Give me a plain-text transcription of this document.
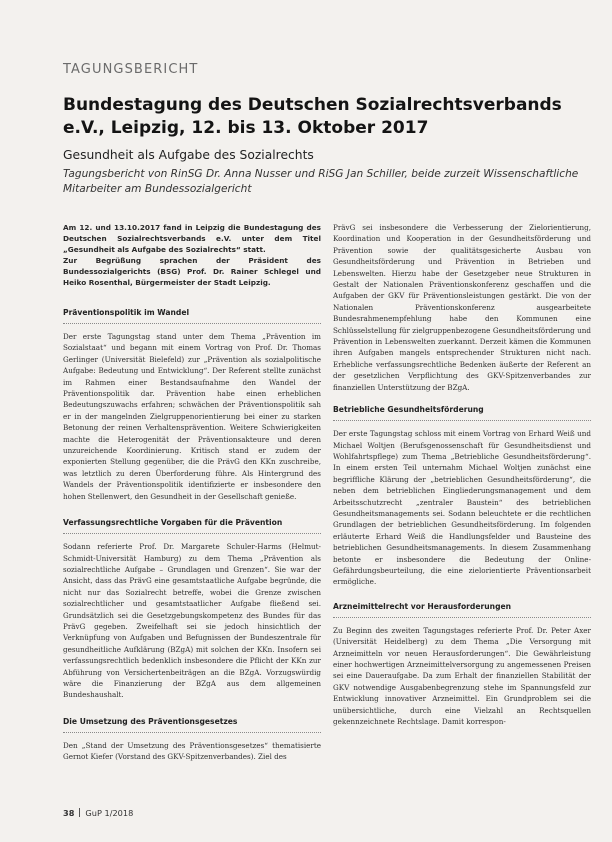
TAGUNGSBERICHT
Bundestagung des Deutschen Sozialrechtsverbands e.V., Leipzig, 12. bis 13. Oktober 2017
Gesundheit als Aufgabe des Sozialrechts
Tagungsbericht von RinSG Dr. Anna Nusser und RiSG Jan Schiller, beide zurzeit Wissenschaftliche Mitarbeiter am Bundessozialgericht

Am 12. und 13.10.2017 fand in Leipzig die Bundestagung des Deutschen Sozialrechtsverbands e.V. unter dem Titel „Gesundheit als Aufgabe des Sozialrechts“ statt.

Zur Begrüßung sprachen der Präsident des Bundessozialgerichts (BSG) Prof. Dr. Rainer Schlegel und Heiko Rosenthal, Bürgermeister der Stadt Leipzig.

Präventionspolitik im Wandel

Der erste Tagungstag stand unter dem Thema „Prävention im Sozialstaat“ und begann mit einem Vortrag von Prof. Dr. Thomas Gerlinger (Universität Bielefeld) zur „Prävention als sozialpolitische Aufgabe: Bedeutung und Entwicklung“. Der Referent stellte zunächst im Rahmen einer Bestandsaufnahme den Wandel der Präventionspolitik dar. Prävention habe einen erheblichen Bedeutungszuwachs erfahren; schwächen der Präventionspolitik sah er in der mangelnden Zielgruppenorientierung bei einer zu starken Betonung der reinen Verhaltensprävention. Weitere Schwierigkeiten machte die Heterogenität der Präventionsakteure und deren unzureichende Koordinierung. Kritisch stand er zudem der exponierten Stellung gegenüber, die die PrävG den KKn zuschreibe, was letztlich zu deren Überforderung führe. Als Hintergrund des Wandels der Präventionspolitik identifizierte er insbesondere den hohen Stellenwert, den Gesundheit in der Gesellschaft genieße.

Verfassungsrechtliche Vorgaben für die Prävention

Sodann referierte Prof. Dr. Margarete Schuler-Harms (Helmut-Schmidt-Universität Hamburg) zu dem Thema „Prävention als sozialrechtliche Aufgabe – Grundlagen und Grenzen“. Sie war der Ansicht, dass das PrävG eine gesamtstaatliche Aufgabe begründe, die nicht nur das Sozialrecht betreffe, wobei die Grenze zwischen sozialrechtlicher und gesamtstaatlicher Aufgabe fließend sei. Grundsätzlich sei die Gesetzgebungskompetenz des Bundes für das PrävG gegeben. Zweifelhaft sei sie jedoch hinsichtlich der Verknüpfung von Aufgaben und Befugnissen der Bundeszentrale für gesundheitliche Aufklärung (BZgA) mit solchen der KKn. Insofern sei verfassungsrechtlich bedenklich insbesondere die Pflicht der KKn zur Abführung von Versichertenbeiträgen an die BZgA. Vorzugswürdig wäre die Finanzierung der BZgA aus dem allgemeinen Bundeshaushalt.

Die Umsetzung des Präventionsgesetzes

Den „Stand der Umsetzung des Präventionsgesetzes“ thematisierte Gernot Kiefer (Vorstand des GKV-Spitzenverbandes). Ziel des

PrävG sei insbesondere die Verbesserung der Zielorientierung, Koordination und Kooperation in der Gesundheitsförderung und Prävention sowie der qualitätsgesicherte Ausbau von Gesundheitsförderung und Prävention in Betrieben und Lebenswelten. Hierzu habe der Gesetzgeber neue Strukturen in Gestalt der Nationalen Präventionskonferenz geschaffen und die Aufgaben der GKV für Präventionsleistungen gestärkt. Die von der Nationalen Präventionskonferenz ausgearbeitete Bundesrahmenempfehlung habe den Kommunen eine Schlüsselstellung für zielgruppenbezogene Gesundheitsförderung und Prävention in Lebenswelten zuerkannt. Derzeit kämen die Kommunen ihren Aufgaben mangels entsprechender Strukturen nicht nach. Erhebliche verfassungsrechtliche Bedenken äußerte der Referent an der gesetzlichen Verpflichtung des GKV-Spitzenverbandes zur finanziellen Unterstützung der BZgA.

Betriebliche Gesundheitsförderung

Der erste Tagungstag schloss mit einem Vortrag von Erhard Weiß und Michael Woltjen (Berufsgenossenschaft für Gesundheitsdienst und Wohlfahrtspflege) zum Thema „Betriebliche Gesundheitsförderung“. In einem ersten Teil unternahm Michael Woltjen zunächst eine begriffliche Klärung der „betrieblichen Gesundheitsförderung“, die neben dem betrieblichen Eingliederungsmanagement und dem Arbeitsschutzrecht „zentraler Baustein“ des betrieblichen Gesundheitsmanagements sei. Sodann beleuchtete er die rechtlichen Grundlagen der betrieblichen Gesundheitsförderung. Im folgenden erläuterte Erhard Weiß die Handlungsfelder und Bausteine des betrieblichen Gesundheitsmanagements. In diesem Zusammenhang betonte er insbesondere die Bedeutung der Online-Gefährdungsbeurteilung, die eine zielorientierte Präventionsarbeit ermögliche.

Arzneimittelrecht vor Herausforderungen

Zu Beginn des zweiten Tagungstages referierte Prof. Dr. Peter Axer (Universität Heidelberg) zu dem Thema „Die Versorgung mit Arzneimitteln vor neuen Herausforderungen“. Die Gewährleistung einer hochwertigen Arzneimittelversorgung zu angemessenen Preisen sei eine Daueraufgabe. Da zum Erhalt der finanziellen Stabilität der GKV notwendige Ausgabenbegrenzung stehe im Spannungsfeld zur Entwicklung innovativer Arzneimittel. Ein Grundproblem sei die unübersichtliche, durch eine Vielzahl an Rechtsquellen gekennzeichnete Rechtslage. Damit korrespon-

38 GuP 1/2018
